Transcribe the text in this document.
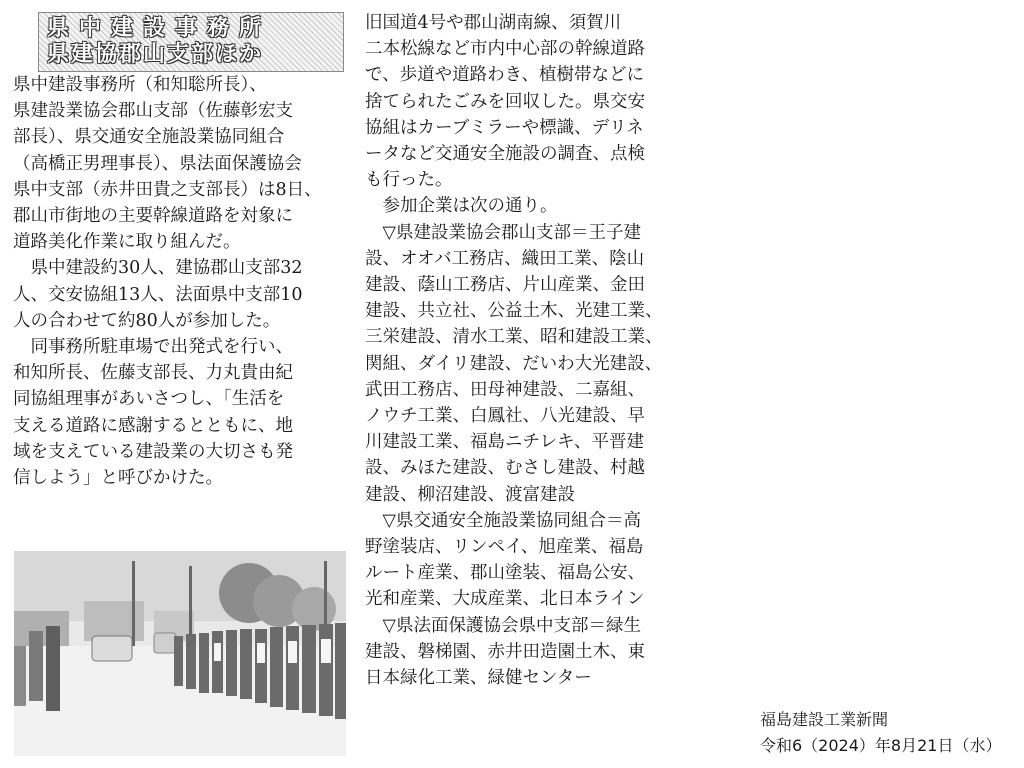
県中建設事務所
県建協郡山支部ほか

県中建設事務所（和知聡所長）、

県建設業協会郡山支部（佐藤彰宏支

部長）、県交通安全施設業協同組合

（高橋正男理事長）、県法面保護協会

県中支部（赤井田貴之支部長）は8日、

郡山市街地の主要幹線道路を対象に

道路美化作業に取り組んだ。

　県中建設約30人、建協郡山支部32

人、交安協組13人、法面県中支部10

人の合わせて約80人が参加した。

　同事務所駐車場で出発式を行い、

和知所長、佐藤支部長、力丸貴由紀

同協組理事があいさつし、「生活を

支える道路に感謝するとともに、地

域を支えている建設業の大切さも発

信しよう」と呼びかけた。

旧国道4号や郡山湖南線、須賀川

二本松線など市内中心部の幹線道路

で、歩道や道路わき、植樹帯などに

捨てられたごみを回収した。県交安

協組はカーブミラーや標識、デリネ

ータなど交通安全施設の調査、点検

も行った。

　参加企業は次の通り。

　▽県建設業協会郡山支部＝王子建

設、オオバ工務店、織田工業、陰山

建設、蔭山工務店、片山産業、金田

建設、共立社、公益土木、光建工業、

三栄建設、清水工業、昭和建設工業、

関組、ダイリ建設、だいわ大光建設、

武田工務店、田母神建設、二嘉組、

ノウチ工業、白鳳社、八光建設、早

川建設工業、福島ニチレキ、平晋建

設、みほた建設、むさし建設、村越

建設、柳沼建設、渡富建設

　▽県交通安全施設業協同組合＝高

野塗装店、リンペイ、旭産業、福島

ルート産業、郡山塗装、福島公安、

光和産業、大成産業、北日本ライン

　▽県法面保護協会県中支部＝緑生

建設、磐梯園、赤井田造園土木、東

日本緑化工業、緑健センター

福島建設工業新聞
令和6（2024）年8月21日（水）
